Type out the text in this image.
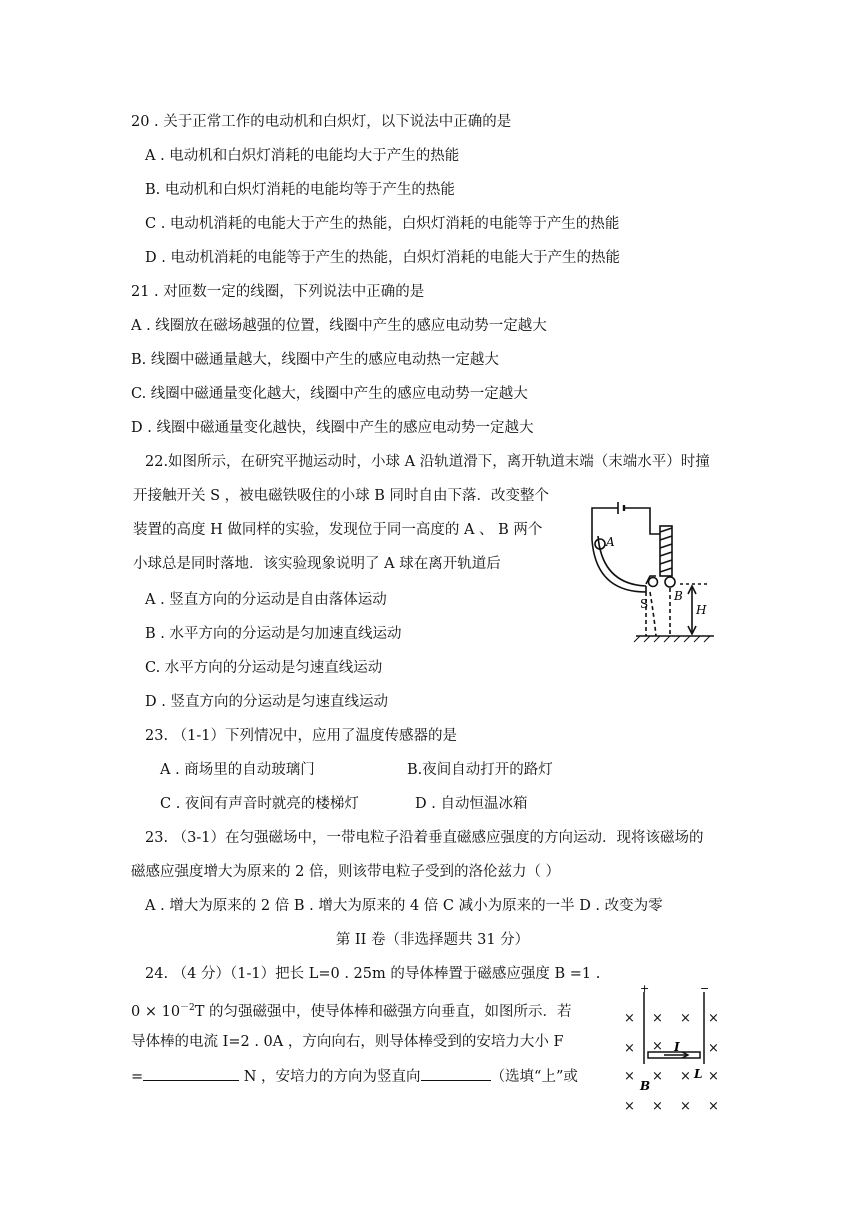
20 . 关于正常工作的电动机和白炽灯，以下说法中正确的是
A . 电动机和白炽灯消耗的电能均大于产生的热能
B. 电动机和白炽灯消耗的电能均等于产生的热能
C . 电动机消耗的电能大于产生的热能，白炽灯消耗的电能等于产生的热能
D . 电动机消耗的电能等于产生的热能，白炽灯消耗的电能大于产生的热能
21 . 对匝数一定的线圈，下列说法中正确的是
A . 线圈放在磁场越强的位置，线圈中产生的感应电动势一定越大
B. 线圈中磁通量越大，线圈中产生的感应电动热一定越大
C. 线圈中磁通量变化越大，线圈中产生的感应电动势一定越大
D . 线圈中磁通量变化越快，线圈中产生的感应电动势一定越大
22.如图所示，在研究平抛运动时，小球 A 沿轨道滑下，离开轨道末端（末端水平）时撞
开接触开关 S ，被电磁铁吸住的小球 B 同时自由下落．改变整个
装置的高度 H 做同样的实验，发现位于同一高度的 A 、 B 两个
小球总是同时落地．该实验现象说明了 A 球在离开轨道后
A . 竖直方向的分运动是自由落体运动
B . 水平方向的分运动是匀加速直线运动
C. 水平方向的分运动是匀速直线运动
D . 竖直方向的分运动是匀速直线运动
A
B
S	H
23. （1-1）下列情况中，应用了温度传感器的是
A . 商场里的自动玻璃门	B.夜间自动打开的路灯
C . 夜间有声音时就亮的楼梯灯	D . 自动恒温冰箱
23. （3-1）在匀强磁场中，一带电粒子沿着垂直磁感应强度的方向运动．现将该磁场的
磁感应强度增大为原来的 2 倍，则该带电粒子受到的洛伦兹力（ ）
A . 增大为原来的 2 倍 B . 增大为原来的 4 倍 C 减小为原来的一半 D . 改变为零
第 II 卷（非选择题共 31 分）
24. （4 分）（1-1）把长 L=0 . 25m 的导体棒置于磁感应强度 B =1 .
$0 \times 10^{-2}T$ 的匀强磁强中，使导体棒和磁强方向垂直，如图所示．若
导体棒的电流 I=2 . 0A ，方向向右，则导体棒受到的安培力大小 F
=	N ，安培力的方向为竖直向	（选填“上”或
+	−
× × × ×
× ×	×
× × × ×
× × × ×
I
B
L
